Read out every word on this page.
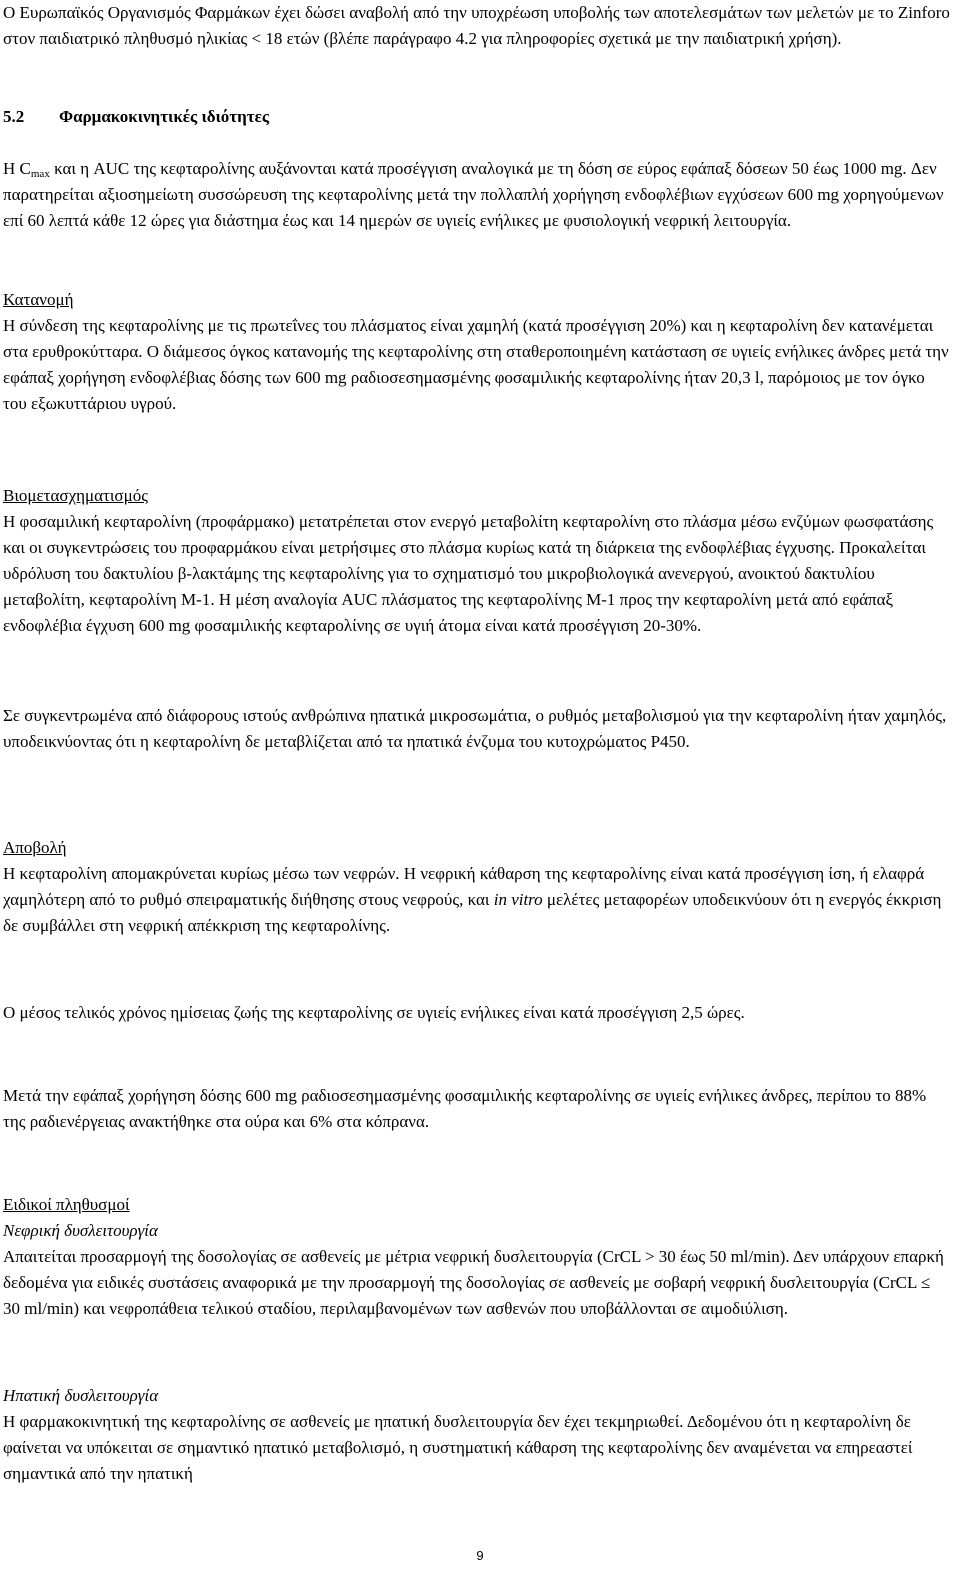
Ο Ευρωπαϊκός Οργανισμός Φαρμάκων έχει δώσει αναβολή από την υποχρέωση υποβολής των αποτελεσμάτων των μελετών με το Zinforo στον παιδιατρικό πληθυσμό ηλικίας < 18 ετών (βλέπε παράγραφο 4.2 για πληροφορίες σχετικά με την παιδιατρική χρήση).

5.2 Φαρμακοκινητικές ιδιότητες

Η $C_{max}$ και η AUC της κεφταρολίνης αυξάνονται κατά προσέγγιση αναλογικά με τη δόση σε εύρος εφάπαξ δόσεων 50 έως 1000 mg. Δεν παρατηρείται αξιοσημείωτη συσσώρευση της κεφταρολίνης μετά την πολλαπλή χορήγηση ενδοφλέβιων εγχύσεων 600 mg χορηγούμενων επί 60 λεπτά κάθε 12 ώρες για διάστημα έως και 14 ημερών σε υγιείς ενήλικες με φυσιολογική νεφρική λειτουργία.

Κατανομή

Η σύνδεση της κεφταρολίνης με τις πρωτεΐνες του πλάσματος είναι χαμηλή (κατά προσέγγιση 20%) και η κεφταρολίνη δεν κατανέμεται στα ερυθροκύτταρα. Ο διάμεσος όγκος κατανομής της κεφταρολίνης στη σταθεροποιημένη κατάσταση σε υγιείς ενήλικες άνδρες μετά την εφάπαξ χορήγηση ενδοφλέβιας δόσης των 600 mg ραδιοσεσημασμένης φοσαμιλικής κεφταρολίνης ήταν 20,3 l, παρόμοιος με τον όγκο του εξωκυττάριου υγρού.

Βιομετασχηματισμός

Η φοσαμιλική κεφταρολίνη (προφάρμακο) μετατρέπεται στον ενεργό μεταβολίτη κεφταρολίνη στο πλάσμα μέσω ενζύμων φωσφατάσης και οι συγκεντρώσεις του προφαρμάκου είναι μετρήσιμες στο πλάσμα κυρίως κατά τη διάρκεια της ενδοφλέβιας έγχυσης. Προκαλείται υδρόλυση του δακτυλίου β-λακτάμης της κεφταρολίνης για το σχηματισμό του μικροβιολογικά ανενεργού, ανοικτού δακτυλίου μεταβολίτη, κεφταρολίνη Μ-1. Η μέση αναλογία AUC πλάσματος της κεφταρολίνης Μ-1 προς την κεφταρολίνη μετά από εφάπαξ ενδοφλέβια έγχυση 600 mg φοσαμιλικής κεφταρολίνης σε υγιή άτομα είναι κατά προσέγγιση 20-30%.

Σε συγκεντρωμένα από διάφορους ιστούς ανθρώπινα ηπατικά μικροσωμάτια, ο ρυθμός μεταβολισμού για την κεφταρολίνη ήταν χαμηλός, υποδεικνύοντας ότι η κεφταρολίνη δε μεταβλίζεται από τα ηπατικά ένζυμα του κυτοχρώματος P450.

Αποβολή

Η κεφταρολίνη απομακρύνεται κυρίως μέσω των νεφρών. Η νεφρική κάθαρση της κεφταρολίνης είναι κατά προσέγγιση ίση, ή ελαφρά χαμηλότερη από το ρυθμό σπειραματικής διήθησης στους νεφρούς, και in vitro μελέτες μεταφορέων υποδεικνύουν ότι η ενεργός έκκριση δε συμβάλλει στη νεφρική απέκκριση της κεφταρολίνης.

Ο μέσος τελικός χρόνος ημίσειας ζωής της κεφταρολίνης σε υγιείς ενήλικες είναι κατά προσέγγιση 2,5 ώρες.

Μετά την εφάπαξ χορήγηση δόσης 600 mg ραδιοσεσημασμένης φοσαμιλικής κεφταρολίνης σε υγιείς ενήλικες άνδρες, περίπου το 88% της ραδιενέργειας ανακτήθηκε στα ούρα και 6% στα κόπρανα.

Ειδικοί πληθυσμοί

Νεφρική δυσλειτουργία

Απαιτείται προσαρμογή της δοσολογίας σε ασθενείς με μέτρια νεφρική δυσλειτουργία (CrCL > 30 έως 50 ml/min). Δεν υπάρχουν επαρκή δεδομένα για ειδικές συστάσεις αναφορικά με την προσαρμογή της δοσολογίας σε ασθενείς με σοβαρή νεφρική δυσλειτουργία (CrCL ≤ 30 ml/min) και νεφροπάθεια τελικού σταδίου, περιλαμβανομένων των ασθενών που υποβάλλονται σε αιμοδιύλιση.

Ηπατική δυσλειτουργία

Η φαρμακοκινητική της κεφταρολίνης σε ασθενείς με ηπατική δυσλειτουργία δεν έχει τεκμηριωθεί. Δεδομένου ότι η κεφταρολίνη δε φαίνεται να υπόκειται σε σημαντικό ηπατικό μεταβολισμό, η συστηματική κάθαρση της κεφταρολίνης δεν αναμένεται να επηρεαστεί σημαντικά από την ηπατική

9
